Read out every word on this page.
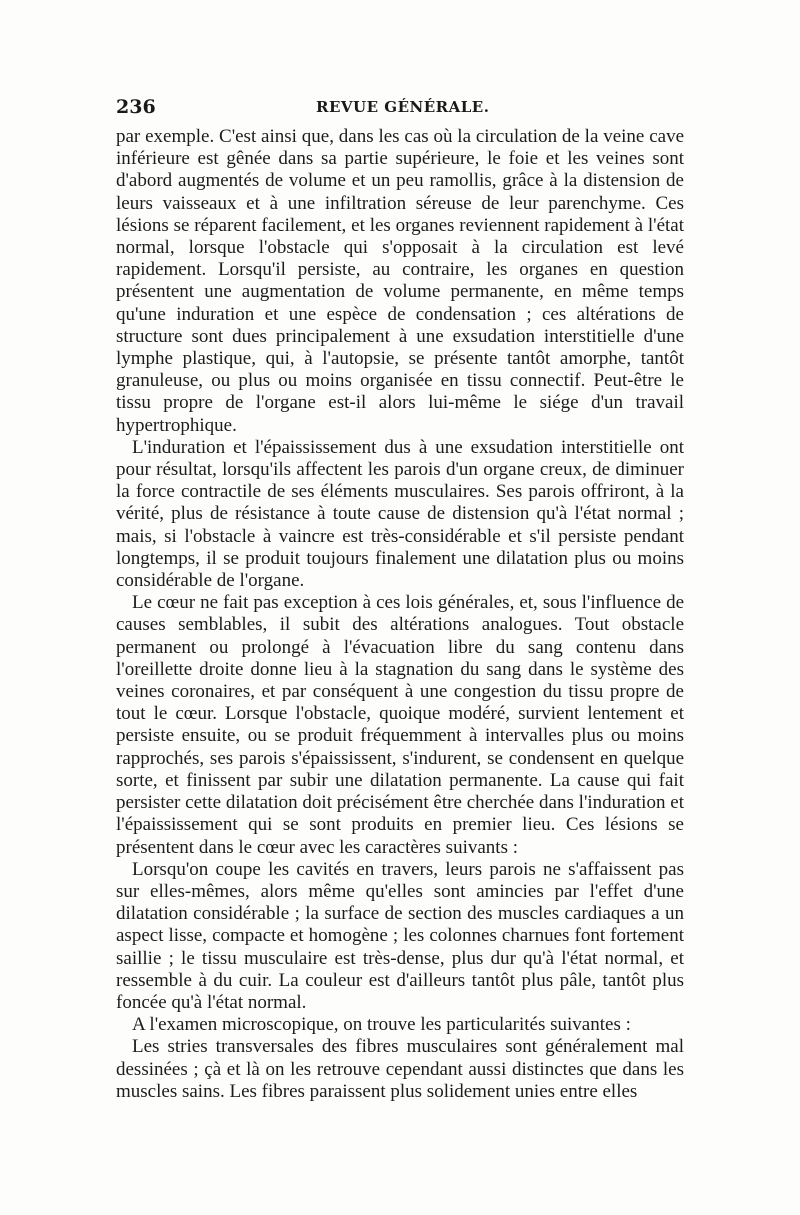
236	REVUE GÉNÉRALE.

par exemple. C'est ainsi que, dans les cas où la circulation de la veine cave inférieure est gênée dans sa partie supérieure, le foie et les veines sont d'abord augmentés de volume et un peu ramollis, grâce à la distension de leurs vaisseaux et à une infiltration séreuse de leur parenchyme. Ces lésions se réparent facilement, et les organes reviennent rapidement à l'état normal, lorsque l'obstacle qui s'opposait à la circulation est levé rapidement. Lorsqu'il persiste, au contraire, les organes en question présentent une augmentation de volume permanente, en même temps qu'une induration et une espèce de condensation ; ces altérations de structure sont dues principalement à une exsudation interstitielle d'une lymphe plastique, qui, à l'autopsie, se présente tantôt amorphe, tantôt granuleuse, ou plus ou moins organisée en tissu connectif. Peut-être le tissu propre de l'organe est-il alors lui-même le siége d'un travail hypertrophique.

L'induration et l'épaississement dus à une exsudation interstitielle ont pour résultat, lorsqu'ils affectent les parois d'un organe creux, de diminuer la force contractile de ses éléments musculaires. Ses parois offriront, à la vérité, plus de résistance à toute cause de distension qu'à l'état normal ; mais, si l'obstacle à vaincre est très-considérable et s'il persiste pendant longtemps, il se produit toujours finalement une dilatation plus ou moins considérable de l'organe.

Le cœur ne fait pas exception à ces lois générales, et, sous l'influence de causes semblables, il subit des altérations analogues. Tout obstacle permanent ou prolongé à l'évacuation libre du sang contenu dans l'oreillette droite donne lieu à la stagnation du sang dans le système des veines coronaires, et par conséquent à une congestion du tissu propre de tout le cœur. Lorsque l'obstacle, quoique modéré, survient lentement et persiste ensuite, ou se produit fréquemment à intervalles plus ou moins rapprochés, ses parois s'épaississent, s'indurent, se condensent en quelque sorte, et finissent par subir une dilatation permanente. La cause qui fait persister cette dilatation doit précisément être cherchée dans l'induration et l'épaississement qui se sont produits en premier lieu. Ces lésions se présentent dans le cœur avec les caractères suivants :

Lorsqu'on coupe les cavités en travers, leurs parois ne s'affaissent pas sur elles-mêmes, alors même qu'elles sont amincies par l'effet d'une dilatation considérable ; la surface de section des muscles cardiaques a un aspect lisse, compacte et homogène ; les colonnes charnues font fortement saillie ; le tissu musculaire est très-dense, plus dur qu'à l'état normal, et ressemble à du cuir. La couleur est d'ailleurs tantôt plus pâle, tantôt plus foncée qu'à l'état normal.

A l'examen microscopique, on trouve les particularités suivantes :

Les stries transversales des fibres musculaires sont généralement mal dessinées ; çà et là on les retrouve cependant aussi distinctes que dans les muscles sains. Les fibres paraissent plus solidement unies entre elles
